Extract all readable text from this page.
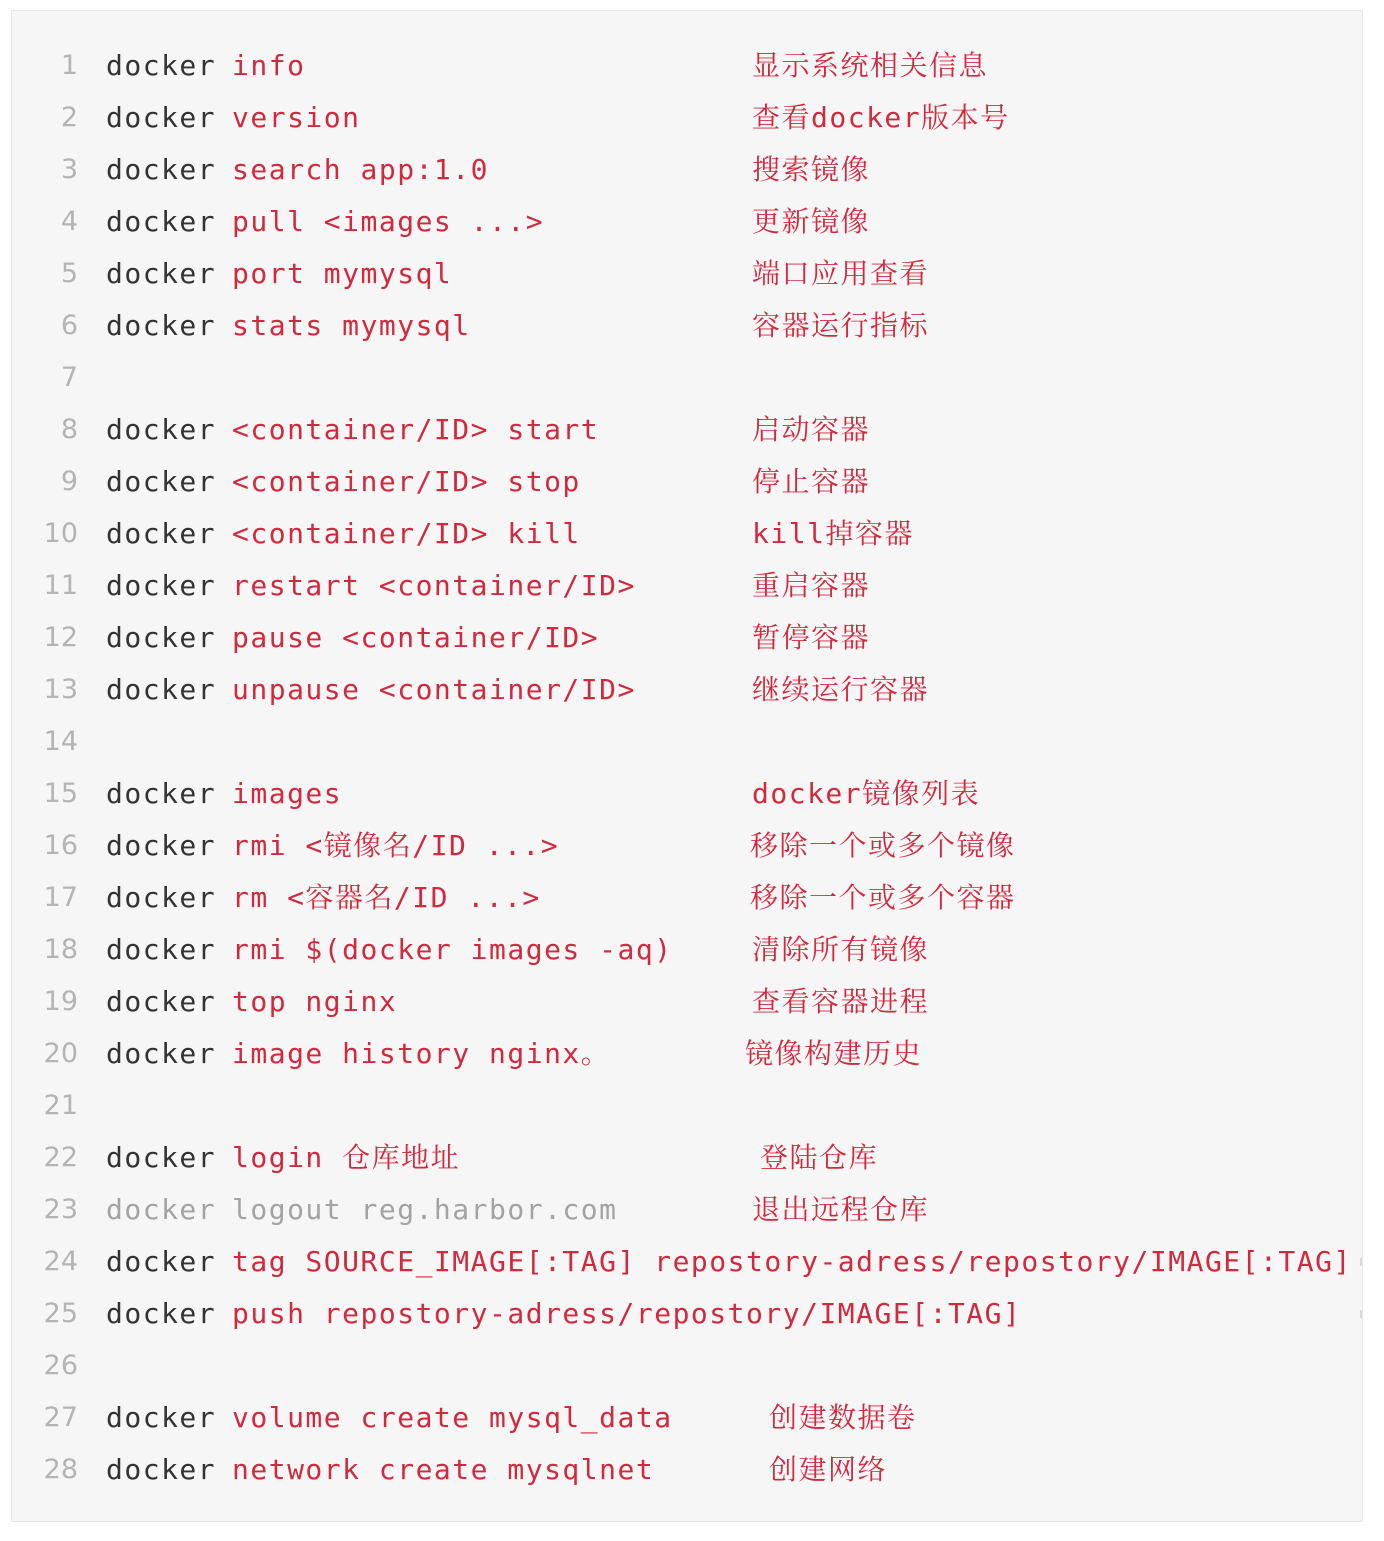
1 docker info	显示系统相关信息
2 docker version	查看docker版本号
3 docker search app:1.0	搜索镜像
4 docker pull <images ...>	更新镜像
5 docker port mymysql	端口应用查看
6 docker stats mymysql	容器运行指标
7
8 docker <container/ID> start	启动容器
9 docker <container/ID> stop	停止容器
10 docker <container/ID> kill	kill掉容器
11 docker restart <container/ID>	重启容器
12 docker pause <container/ID>	暂停容器
13 docker unpause <container/ID>	继续运行容器
14
15 docker images	docker镜像列表
16 docker rmi <镜像名/ID ...>	移除一个或多个镜像
17 docker rm <容器名/ID ...>	移除一个或多个容器
18 docker rmi $(docker images -aq)	清除所有镜像
19 docker top nginx	查看容器进程
20 docker image history nginx。	镜像构建历史
21
22 docker login 仓库地址	登陆仓库
23 docker logout reg.harbor.com	退出远程仓库
24 docker tag SOURCE_IMAGE[:TAG] repostory-adress/repostory/IMAGE[:TAG]
25 docker push repostory-adress/repostory/IMAGE[:TAG]
26
27 docker volume create mysql_data	创建数据卷
28 docker network create mysqlnet	创建网络
